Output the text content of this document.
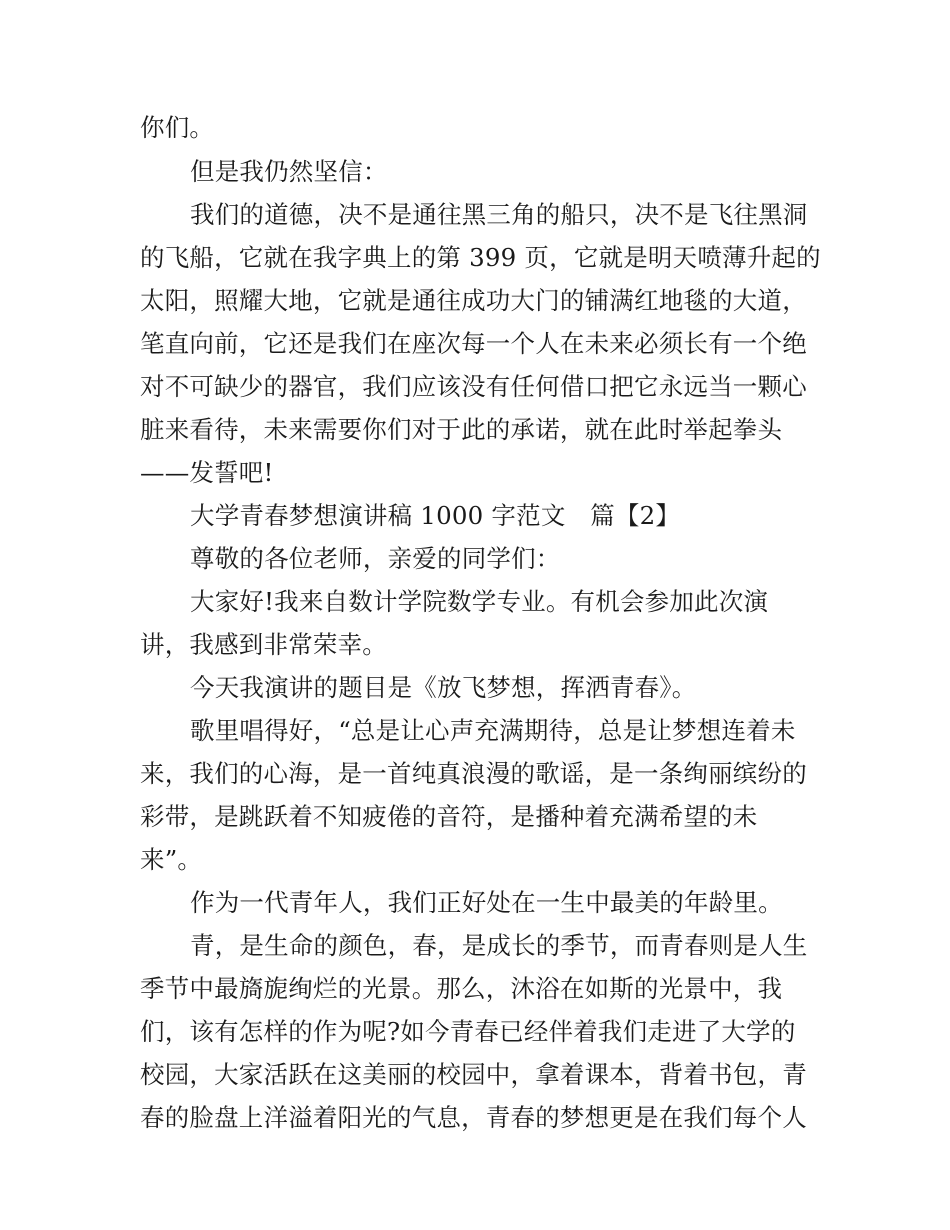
你们。
但是我仍然坚信：
我们的道德，决不是通往黑三角的船只，决不是飞往黑洞
的飞船，它就在我字典上的第 399 页，它就是明天喷薄升起的
太阳，照耀大地，它就是通往成功大门的铺满红地毯的大道，
笔直向前，它还是我们在座次每一个人在未来必须长有一个绝
对不可缺少的器官，我们应该没有任何借口把它永远当一颗心
脏来看待，未来需要你们对于此的承诺，就在此时举起拳头
——发誓吧!
大学青春梦想演讲稿 1000 字范文　篇【2】
尊敬的各位老师，亲爱的同学们：
大家好!我来自数计学院数学专业。有机会参加此次演
讲，我感到非常荣幸。
今天我演讲的题目是《放飞梦想，挥洒青春》。
歌里唱得好，“总是让心声充满期待，总是让梦想连着未
来，我们的心海，是一首纯真浪漫的歌谣，是一条绚丽缤纷的
彩带，是跳跃着不知疲倦的音符，是播种着充满希望的未
来”。
作为一代青年人，我们正好处在一生中最美的年龄里。
青，是生命的颜色，春，是成长的季节，而青春则是人生
季节中最旖旎绚烂的光景。那么，沐浴在如斯的光景中，我
们，该有怎样的作为呢?如今青春已经伴着我们走进了大学的
校园，大家活跃在这美丽的校园中，拿着课本，背着书包，青
春的脸盘上洋溢着阳光的气息，青春的梦想更是在我们每个人
